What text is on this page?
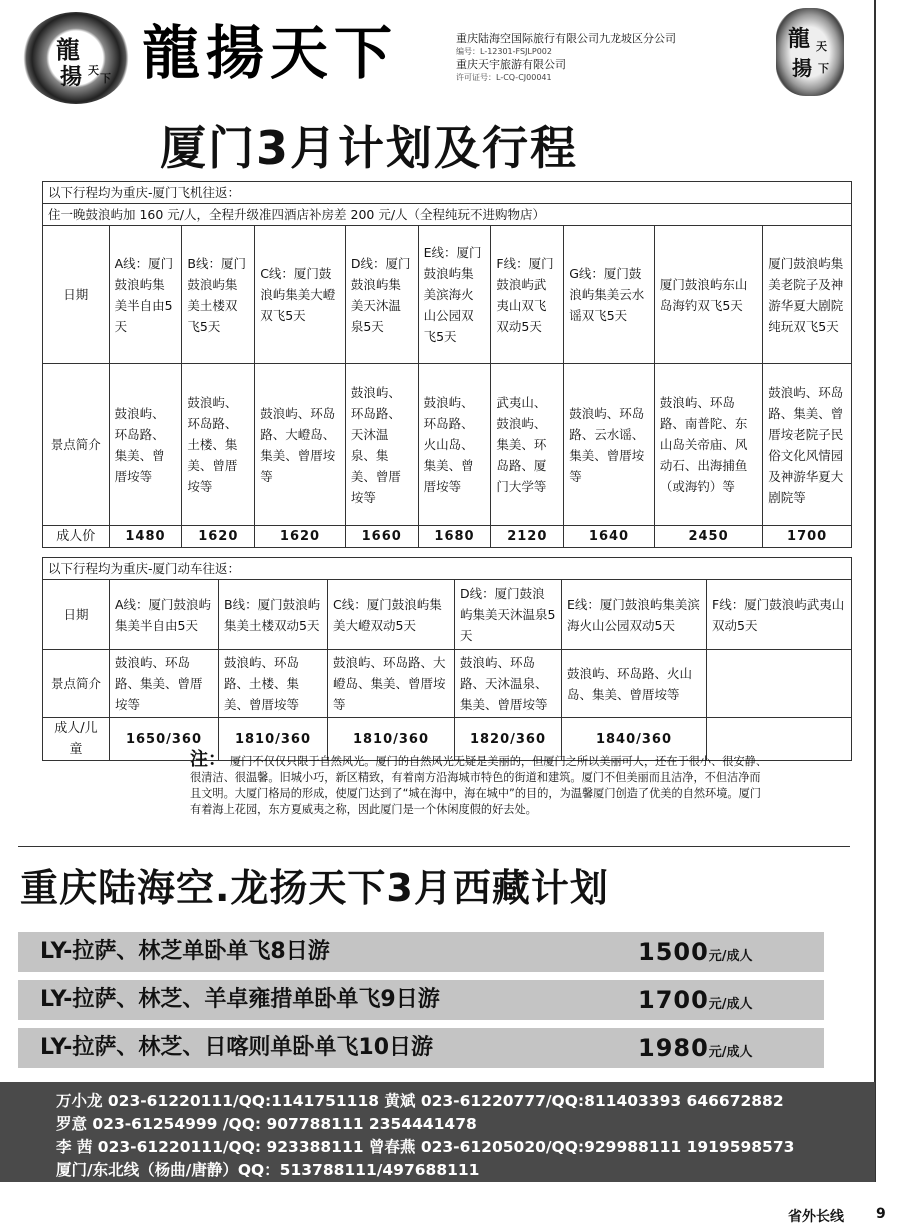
龍
揚 天
下 龍揚天下	重庆陆海空国际旅行有限公司九龙坡区分公司
编号：L-12301-FSJLP002
重庆天宇旅游有限公司
许可证号：L-CQ-CJ00041
龍 天
揚 下
厦门3月计划及行程
以下行程均为重庆-厦门飞机往返：									
住一晚鼓浪屿加 160 元/人，全程升级准四酒店补房差 200 元/人（全程纯玩不进购物店）									
日期	A线：厦门鼓浪屿集美半自由5天	B线：厦门鼓浪屿集美土楼双飞5天	C线：厦门鼓浪屿集美大嶝双飞5天	D线：厦门鼓浪屿集美天沐温泉5天	E线：厦门鼓浪屿集美滨海火山公园双飞5天	F线：厦门鼓浪屿武夷山双飞双动5天	G线：厦门鼓浪屿集美云水谣双飞5天	厦门鼓浪屿东山岛海钓双飞5天	厦门鼓浪屿集美老院子及神游华夏大剧院纯玩双飞5天
景点简介	鼓浪屿、环岛路、集美、曾厝垵等	鼓浪屿、环岛路、土楼、集美、曾厝垵等	鼓浪屿、环岛路、大嶝岛、集美、曾厝垵等	鼓浪屿、环岛路、天沐温泉、集美、曾厝垵等	鼓浪屿、环岛路、火山岛、集美、曾厝垵等	武夷山、鼓浪屿、集美、环岛路、厦门大学等	鼓浪屿、环岛路、云水谣、集美、曾厝垵等	鼓浪屿、环岛路、南普陀、东山岛关帝庙、风动石、出海捕鱼（或海钓）等	鼓浪屿、环岛路、集美、曾厝垵老院子民俗文化风情园及神游华夏大剧院等
成人价	1480	1620	1620	1660	1680	2120	1640	2450	1700
以下行程均为重庆-厦门动车往返：						
日期	A线：厦门鼓浪屿集美半自由5天	B线：厦门鼓浪屿集美土楼双动5天	C线：厦门鼓浪屿集美大嶝双动5天	D线：厦门鼓浪屿集美天沐温泉5天	E线：厦门鼓浪屿集美滨海火山公园双动5天	F线：厦门鼓浪屿武夷山双动5天
景点简介	鼓浪屿、环岛路、集美、曾厝垵等	鼓浪屿、环岛路、土楼、集美、曾厝垵等	鼓浪屿、环岛路、大嶝岛、集美、曾厝垵等	鼓浪屿、环岛路、天沐温泉、集美、曾厝垵等	鼓浪屿、环岛路、火山岛、集美、曾厝垵等	
成人/儿童	1650/360	1810/360	1810/360	1820/360	1840/360	
注： 厦门不仅仅只限于自然风光。厦门的自然风光无疑是美丽的，但厦门之所以美丽可人，还在于很小、很安静、很清洁、很温馨。旧城小巧，新区精致，有着南方沿海城市特色的街道和建筑。厦门不但美丽而且洁净，不但洁净而且文明。大厦门格局的形成，使厦门达到了“城在海中，海在城中”的目的，为温馨厦门创造了优美的自然环境。厦门有着海上花园，东方夏威夷之称，因此厦门是一个休闲度假的好去处。
重庆陆海空.龙扬天下3月西藏计划
LY-拉萨、林芝单卧单飞8日游	1500元/成人
LY-拉萨、林芝、羊卓雍措单卧单飞9日游	1700元/成人
LY-拉萨、林芝、日喀则单卧单飞10日游	1980元/成人
万小龙 023-61220111/QQ:1141751118 黄斌 023-61220777/QQ:811403393 646672882
罗意 023-61254999 /QQ: 907788111 2354441478
李 茜 023-61220111/QQ: 923388111 曾春燕 023-61205020/QQ:929988111 1919598573
厦门/东北线（杨曲/唐静）QQ：513788111/497688111
省外长线 9
